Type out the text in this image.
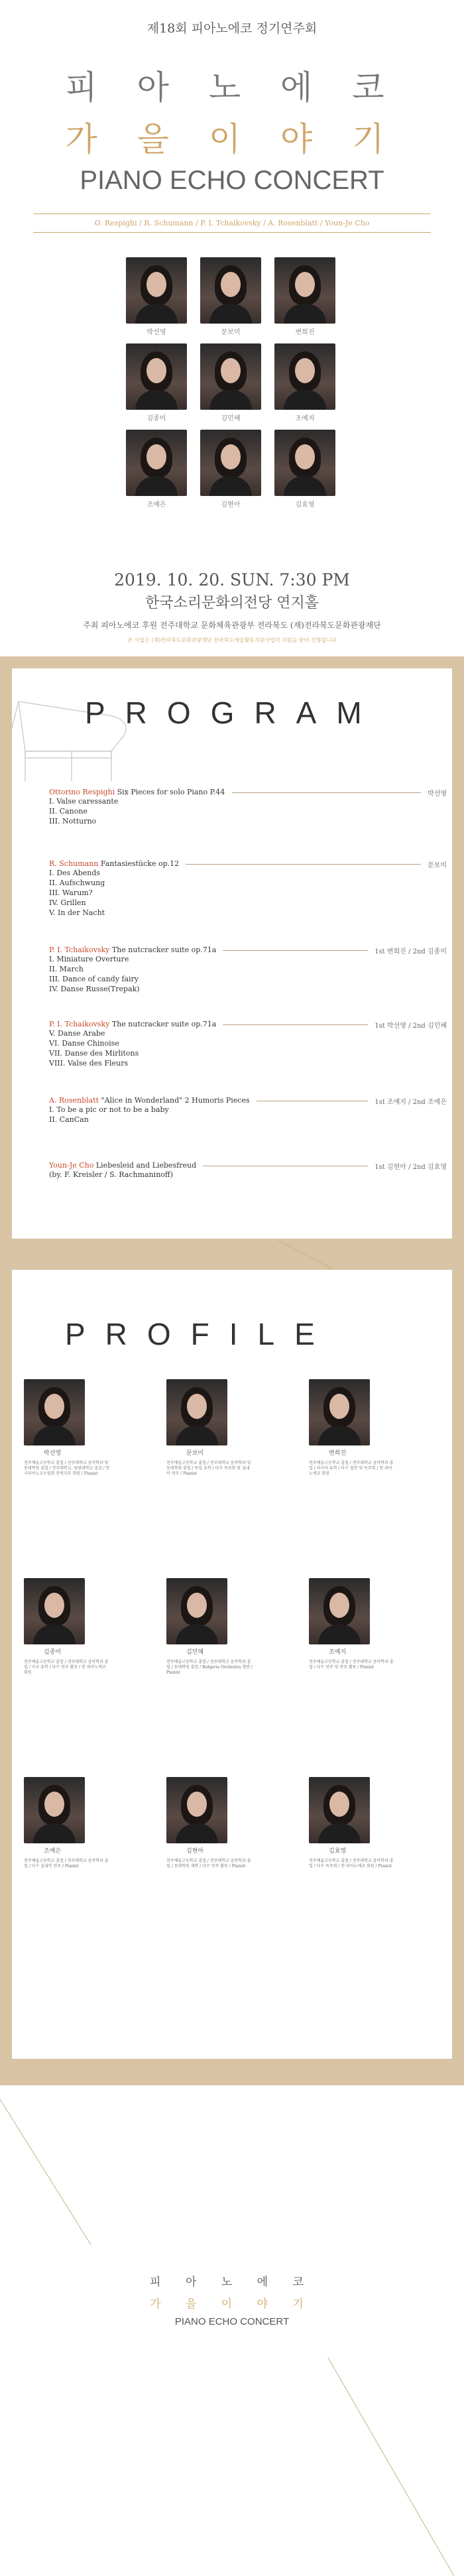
제18회 피아노에코 정기연주회
피 아 노 에 코
가 을 이 야 기
PIANO ECHO CONCERT
O. Respighi / R. Schumann / P. I. Tchaikovsky / A. Rosenblatt / Youn-Je Cho
박선영	문보미	변희진
김종미	김민혜	조예지
조예은	김현아	김효영
2019. 10. 20. SUN. 7:30 PM
한국소리문화의전당 연지홀
주최 피아노에코 후원 전주대학교 문화체육관광부 전라북도 (재)전라북도문화관광재단
본 사업은 (재)전라북도문화관광재단 전라북도예술활동지원사업의 지원을 받아 진행됩니다
PROGRAM
Ottorino Respighi Six Pieces for solo Piano P.44	박선영
I. Valse caressante
II. Canone
III. Notturno
R. Schumann Fantasiestücke op.12	문보미
I. Des Abends
II. Aufschwung
III. Warum?
IV. Grillen
V. In der Nacht
P. I. Tchaikovsky The nutcracker suite op.71a	1st 변희진 / 2nd 김종미
I. Miniature Overture
II. March
III. Dance of candy fairy
IV. Danse Russe(Trepak)
P. I. Tchaikovsky The nutcracker suite op.71a	1st 박선영 / 2nd 김민혜
V. Danse Arabe
VI. Danse Chinoise
VII. Danse des Mirlitons
VIII. Valse des Fleurs
A. Rosenblatt "Alice in Wonderland" 2 Humoris Pieces	1st 조예지 / 2nd 조예은
I. To be a pic or not to be a baby
II. CanCan
Youn-Je Cho Liebesleid and Liebesfreud	1st 김현아 / 2nd 김효영
(by. F. Kreisler / S. Rachmaninoff)
PROFILE
박선영
전주예술고등학교 졸업 / 전주대학교 음악학과 및 동대학원 졸업 / 전주대학교, 원광대학교 출강 / 한국피아노교수협회 전북지부 회원 / Pianist
문보미
전주예술고등학교 졸업 / 전주대학교 음악학과 및 동대학원 졸업 / 독일 유학 / 다수 독주회 및 실내악 연주 / Pianist
변희진
전주예술고등학교 졸업 / 전주대학교 음악학과 졸업 / 러시아 유학 / 다수 협연 및 독주회 / 현 피아노에코 회원
김종미
전주예술고등학교 졸업 / 전주대학교 음악학과 졸업 / 미국 유학 / 다수 연주 활동 / 현 피아노에코 회원
김민혜
전주예술고등학교 졸업 / 전주대학교 음악학과 졸업 / 동대학원 졸업 / Bulgaria Orchestra 협연 / Pianist
조예지
전주예술고등학교 졸업 / 전주대학교 음악학과 졸업 / 다수 연주 및 반주 활동 / Pianist
조예은
전주예술고등학교 졸업 / 전주대학교 음악학과 졸업 / 다수 실내악 연주 / Pianist
김현아
전주예술고등학교 졸업 / 전주대학교 음악학과 졸업 / 동대학원 재학 / 다수 연주 활동 / Pianist
김효영
전주예술고등학교 졸업 / 전주대학교 음악학과 졸업 / 다수 독주회 / 현 피아노에코 회원 / Pianist
피 아 노 에 코
가 을 이 야 기
PIANO ECHO CONCERT
